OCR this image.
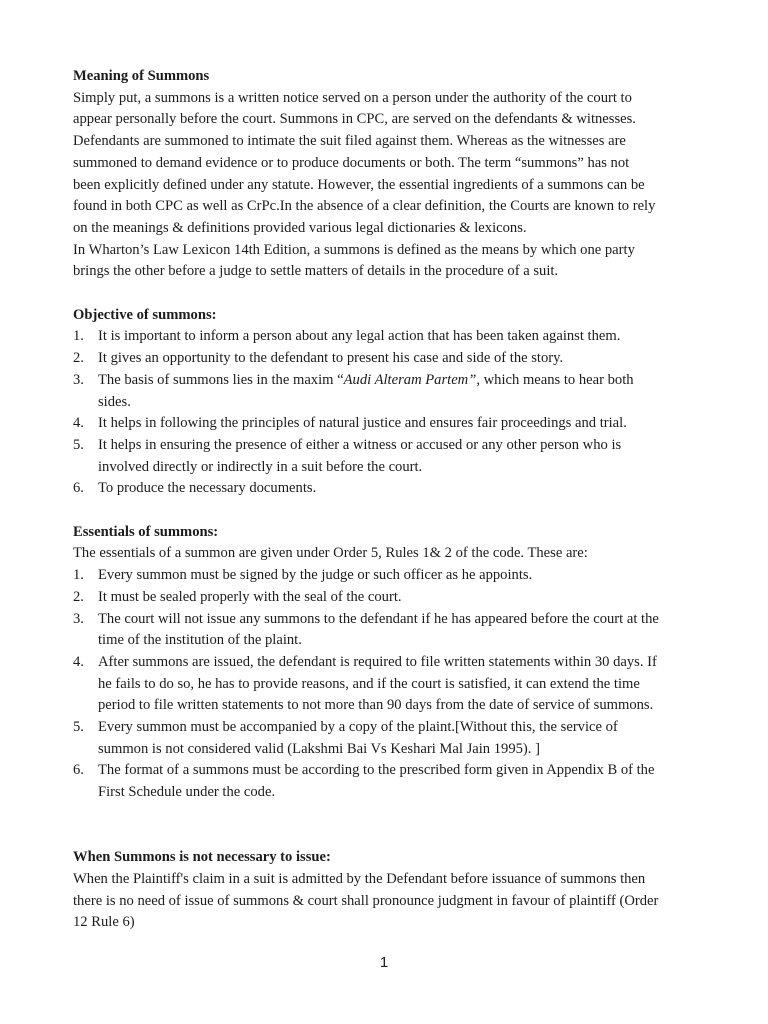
Meaning of Summons
Simply put, a summons is a written notice served on a person under the authority of the court to
appear personally before the court. Summons in CPC, are served on the defendants & witnesses.
Defendants are summoned to intimate the suit filed against them. Whereas as the witnesses are
summoned to demand evidence or to produce documents or both. The term “summons” has not
been explicitly defined under any statute. However, the essential ingredients of a summons can be
found in both CPC as well as CrPc.In the absence of a clear definition, the Courts are known to rely
on the meanings & definitions provided various legal dictionaries & lexicons.
In Wharton’s Law Lexicon 14th Edition, a summons is defined as the means by which one party
brings the other before a judge to settle matters of details in the procedure of a suit.
Objective of summons:
1. It is important to inform a person about any legal action that has been taken against them.
2. It gives an opportunity to the defendant to present his case and side of the story.
3. The basis of summons lies in the maxim “Audi Alteram Partem”, which means to hear both
sides.
4. It helps in following the principles of natural justice and ensures fair proceedings and trial.
5. It helps in ensuring the presence of either a witness or accused or any other person who is
involved directly or indirectly in a suit before the court.
6. To produce the necessary documents.
Essentials of summons:
The essentials of a summon are given under Order 5, Rules 1& 2 of the code. These are:
1. Every summon must be signed by the judge or such officer as he appoints.
2. It must be sealed properly with the seal of the court.
3. The court will not issue any summons to the defendant if he has appeared before the court at the
time of the institution of the plaint.
4. After summons are issued, the defendant is required to file written statements within 30 days. If
he fails to do so, he has to provide reasons, and if the court is satisfied, it can extend the time
period to file written statements to not more than 90 days from the date of service of summons.
5. Every summon must be accompanied by a copy of the plaint.[Without this, the service of
summon is not considered valid (Lakshmi Bai Vs Keshari Mal Jain 1995). ]
6. The format of a summons must be according to the prescribed form given in Appendix B of the
First Schedule under the code.
When Summons is not necessary to issue:
When the Plaintiff's claim in a suit is admitted by the Defendant before issuance of summons then
there is no need of issue of summons & court shall pronounce judgment in favour of plaintiff (Order
12 Rule 6)
1
